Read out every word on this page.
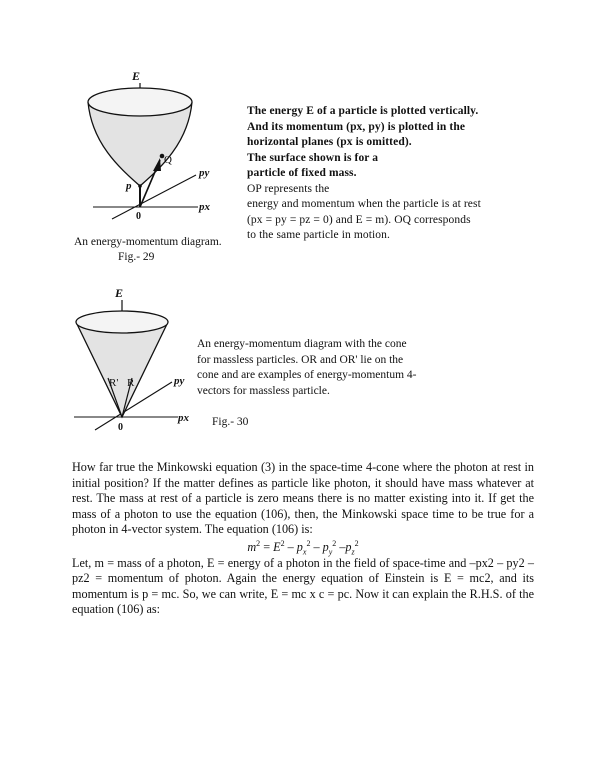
E
py
px
p
Q
0
An energy-momentum diagram.
Fig.- 29
The energy E of a particle is plotted vertically.
And its momentum (px, py) is plotted in the
horizontal planes (px is omitted).
The surface shown is for a
particle of fixed mass.
OP represents the
energy and momentum when the particle is at rest
(px = py = pz = 0) and E = m). OQ corresponds
to the same particle in motion.
E
py
px
R' R
0	Fig.- 30
An energy-momentum diagram with the cone
for massless particles. OR and OR' lie on the
cone and are examples of energy-momentum 4-
vectors for massless particle.
How far true the Minkowski equation (3) in the space-time 4-cone where the photon at rest in initial position? If the matter defines as particle like photon, it should have mass whatever at rest. The mass at rest of a particle is zero means there is no matter existing into it. If get the mass of a photon to use the equation (106), then, the Minkowski space time to be true for a photon in 4-vector system. The equation (106) is:
$m^2 = E^2 - p_x^2 - p_y^2$ $-p_z^2$
Let, m = mass of a photon, E = energy of a photon in the field of space-time and –px2 – py2 –pz2 = momentum of photon. Again the energy equation of Einstein is E = mc2, and its momentum is p = mc. So, we can write, E = mc x c = pc. Now it can explain the R.H.S. of the equation (106) as:
